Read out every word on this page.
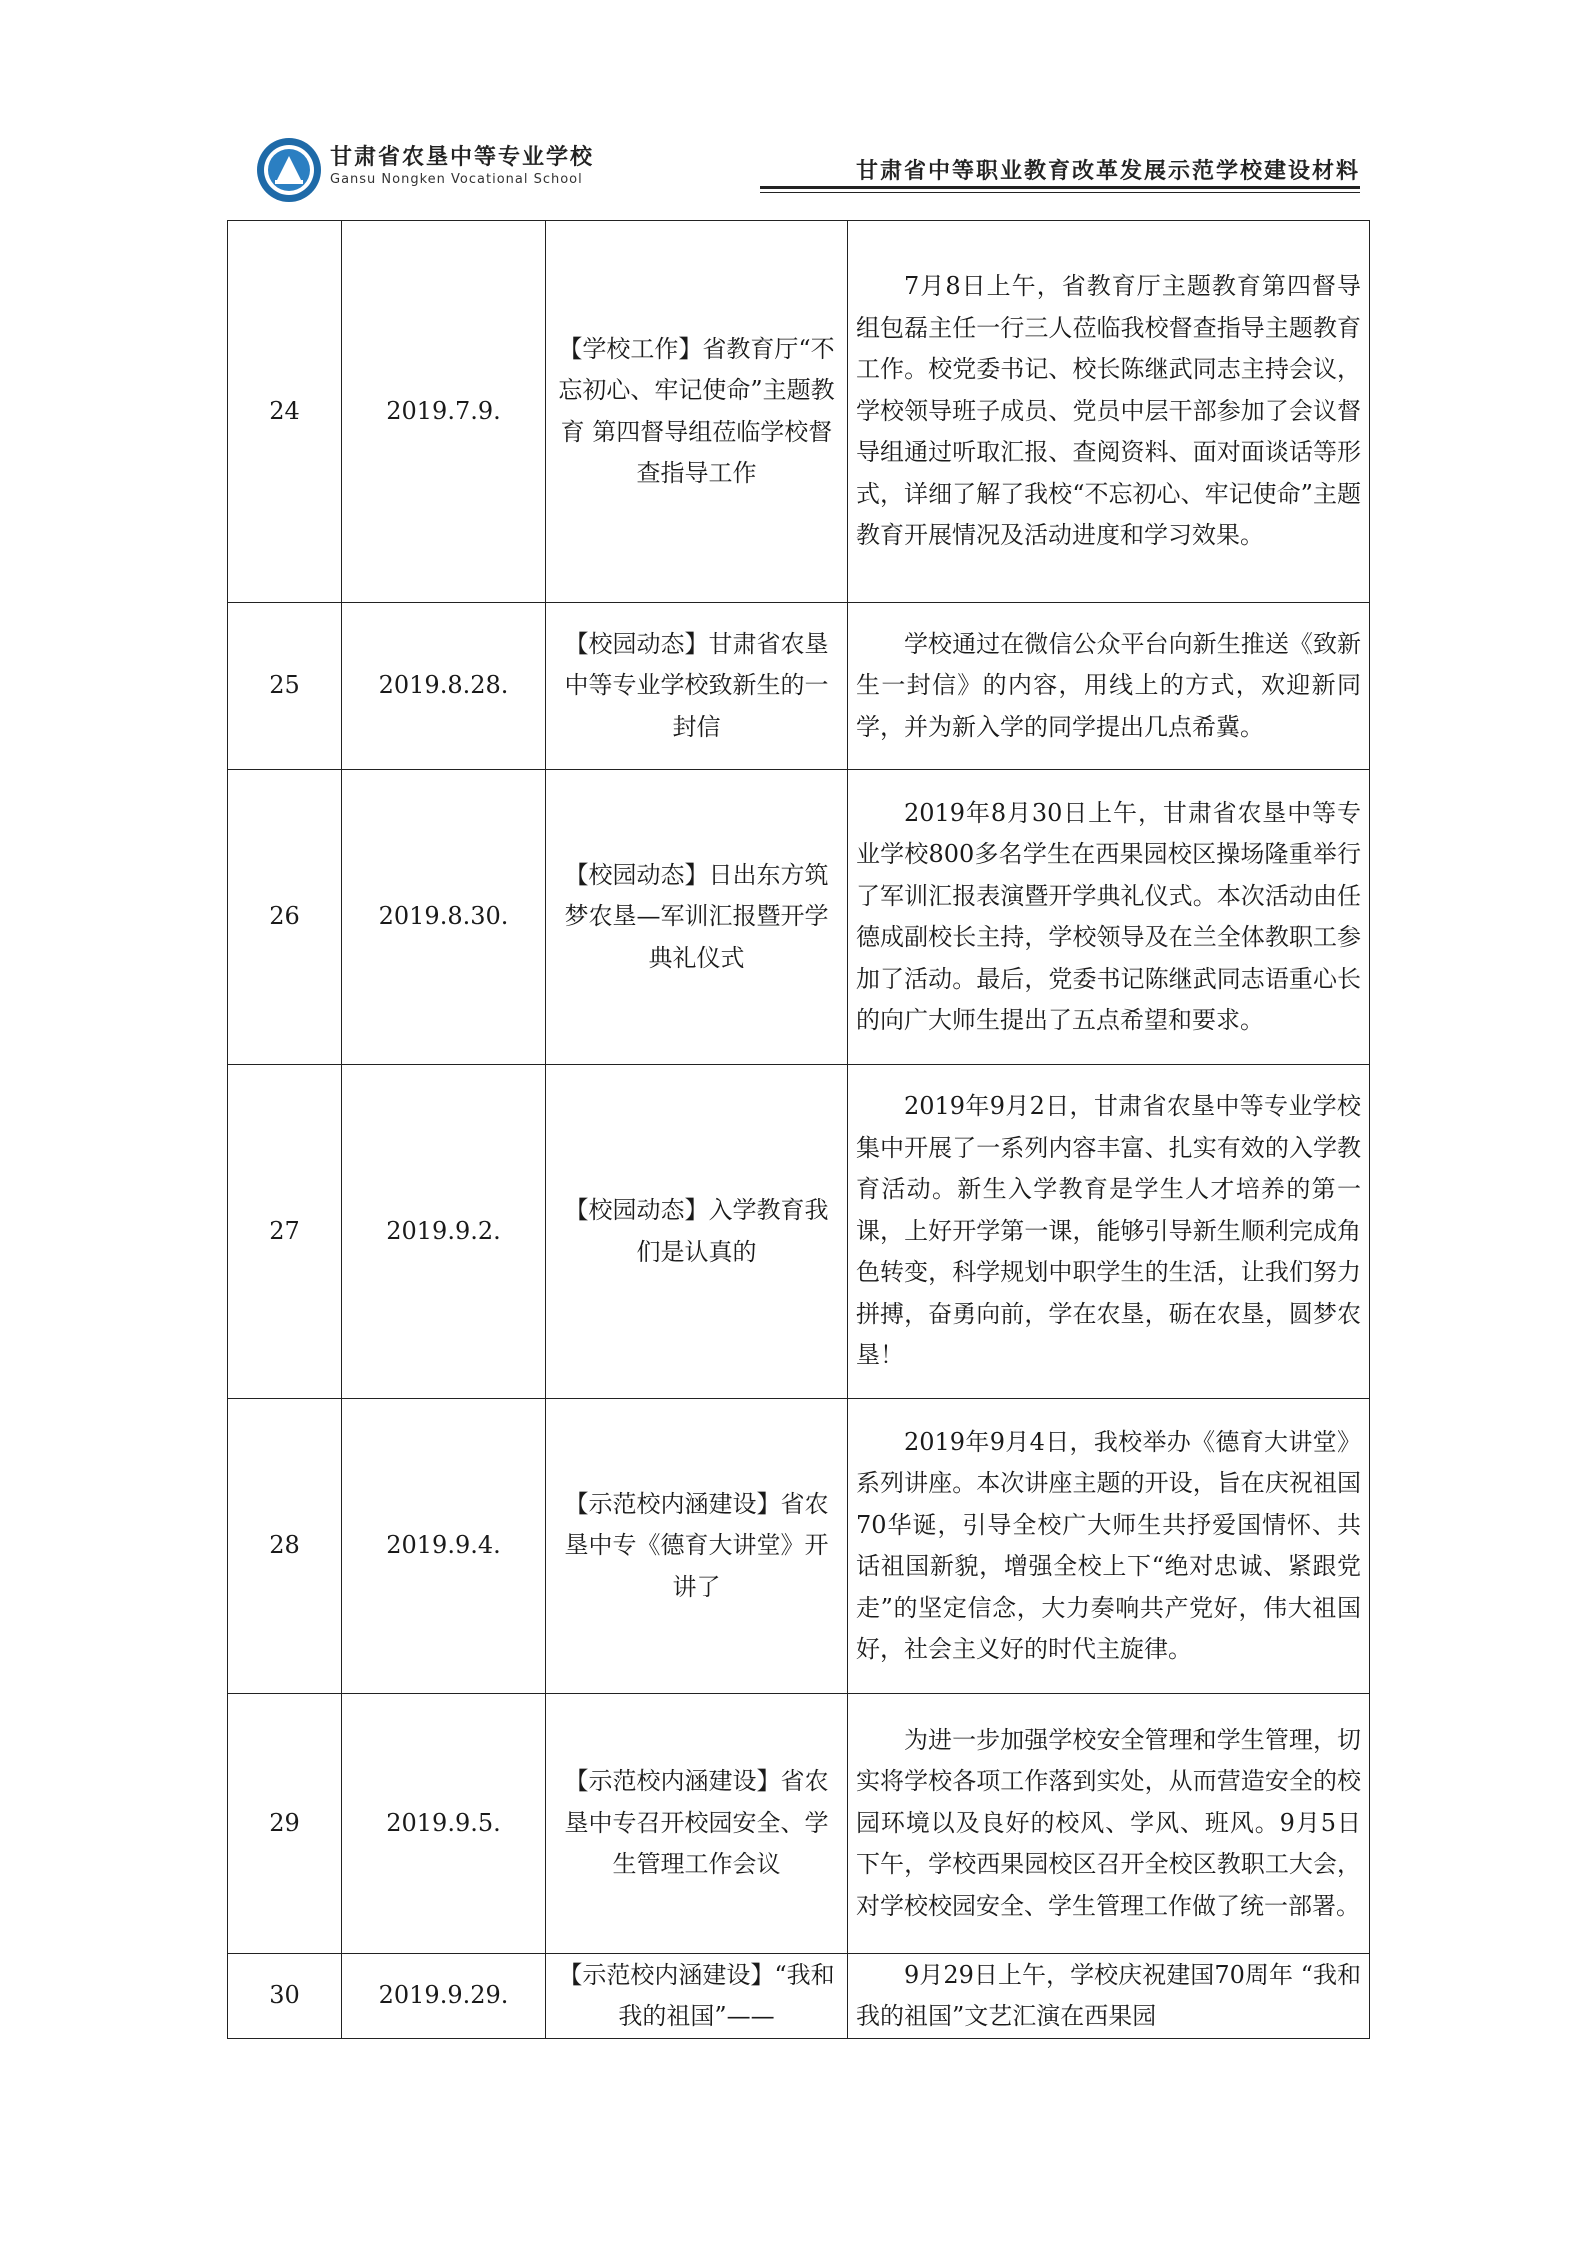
甘肃省农垦中等专业学校
Gansu Nongken Vocational School	甘肃省中等职业教育改革发展示范学校建设材料
24	2019.7.9.	【学校工作】省教育厅“不忘初心、牢记使命”主题教育 第四督导组莅临学校督查指导工作	7月8日上午，省教育厅主题教育第四督导组包磊主任一行三人莅临我校督查指导主题教育工作。校党委书记、校长陈继武同志主持会议，学校领导班子成员、党员中层干部参加了会议督导组通过听取汇报、查阅资料、面对面谈话等形式，详细了解了我校“不忘初心、牢记使命”主题教育开展情况及活动进度和学习效果。

25	2019.8.28.	【校园动态】甘肃省农垦中等专业学校致新生的一封信	学校通过在微信公众平台向新生推送《致新生一封信》的内容，用线上的方式，欢迎新同学，并为新入学的同学提出几点希冀。

26	2019.8.30.	【校园动态】日出东方筑梦农垦—军训汇报暨开学典礼仪式	2019年8月30日上午，甘肃省农垦中等专业学校800多名学生在西果园校区操场隆重举行了军训汇报表演暨开学典礼仪式。本次活动由任德成副校长主持，学校领导及在兰全体教职工参加了活动。最后，党委书记陈继武同志语重心长的向广大师生提出了五点希望和要求。

27	2019.9.2.	【校园动态】入学教育我们是认真的	2019年9月2日，甘肃省农垦中等专业学校集中开展了一系列内容丰富、扎实有效的入学教育活动。新生入学教育是学生人才培养的第一课，上好开学第一课，能够引导新生顺利完成角色转变，科学规划中职学生的生活，让我们努力拼搏，奋勇向前，学在农垦，砺在农垦，圆梦农垦！

28	2019.9.4.	【示范校内涵建设】省农垦中专《德育大讲堂》开讲了	2019年9月4日，我校举办《德育大讲堂》系列讲座。本次讲座主题的开设，旨在庆祝祖国70华诞，引导全校广大师生共抒爱国情怀、共话祖国新貌，增强全校上下“绝对忠诚、紧跟党走”的坚定信念，大力奏响共产党好，伟大祖国好，社会主义好的时代主旋律。

29	2019.9.5.	【示范校内涵建设】省农垦中专召开校园安全、学生管理工作会议	为进一步加强学校安全管理和学生管理，切实将学校各项工作落到实处，从而营造安全的校园环境以及良好的校风、学风、班风。9月5日下午，学校西果园校区召开全校区教职工大会，对学校校园安全、学生管理工作做了统一部署。

30	2019.9.29.	【示范校内涵建设】“我和我的祖国”——	9月29日上午，学校庆祝建国70周年 “我和我的祖国”文艺汇演在西果园
